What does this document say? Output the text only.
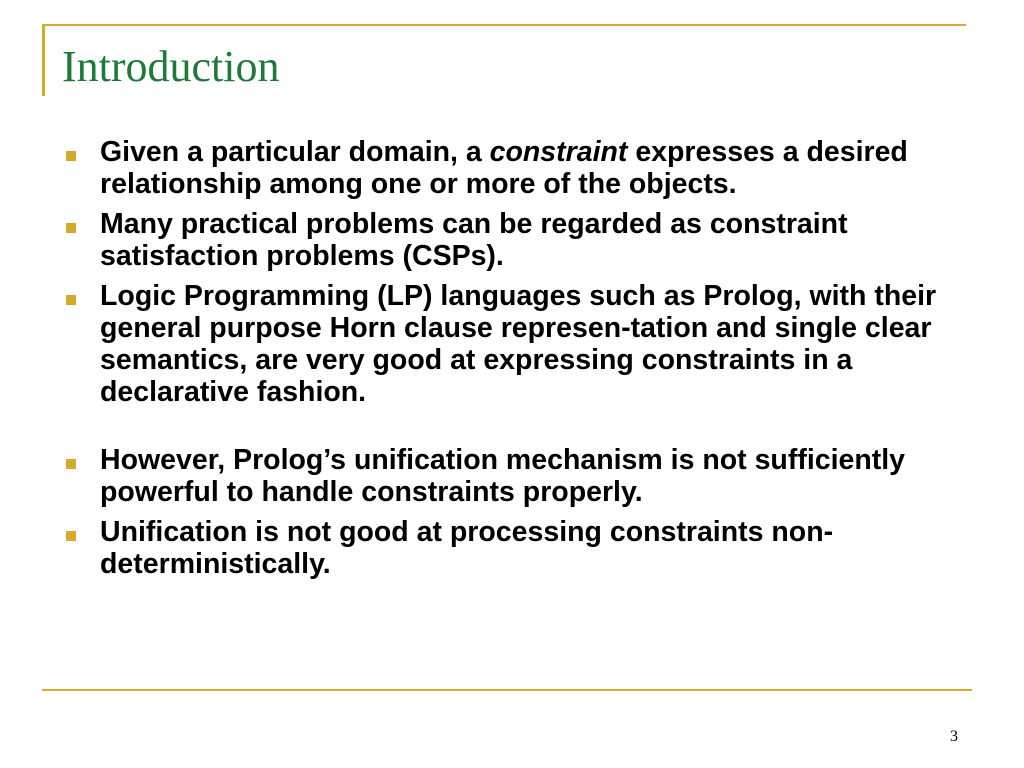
Introduction
Given a particular domain, a constraint expresses a desired relationship among one or more of the objects.
Many practical problems can be regarded as constraint satisfaction problems (CSPs).
Logic Programming (LP) languages such as Prolog, with their general purpose Horn clause represen-tation and single clear semantics, are very good at expressing constraints in a declarative fashion.
However, Prolog’s unification mechanism is not sufficiently powerful to handle constraints properly.
Unification is not good at processing constraints non-deterministically.
3
